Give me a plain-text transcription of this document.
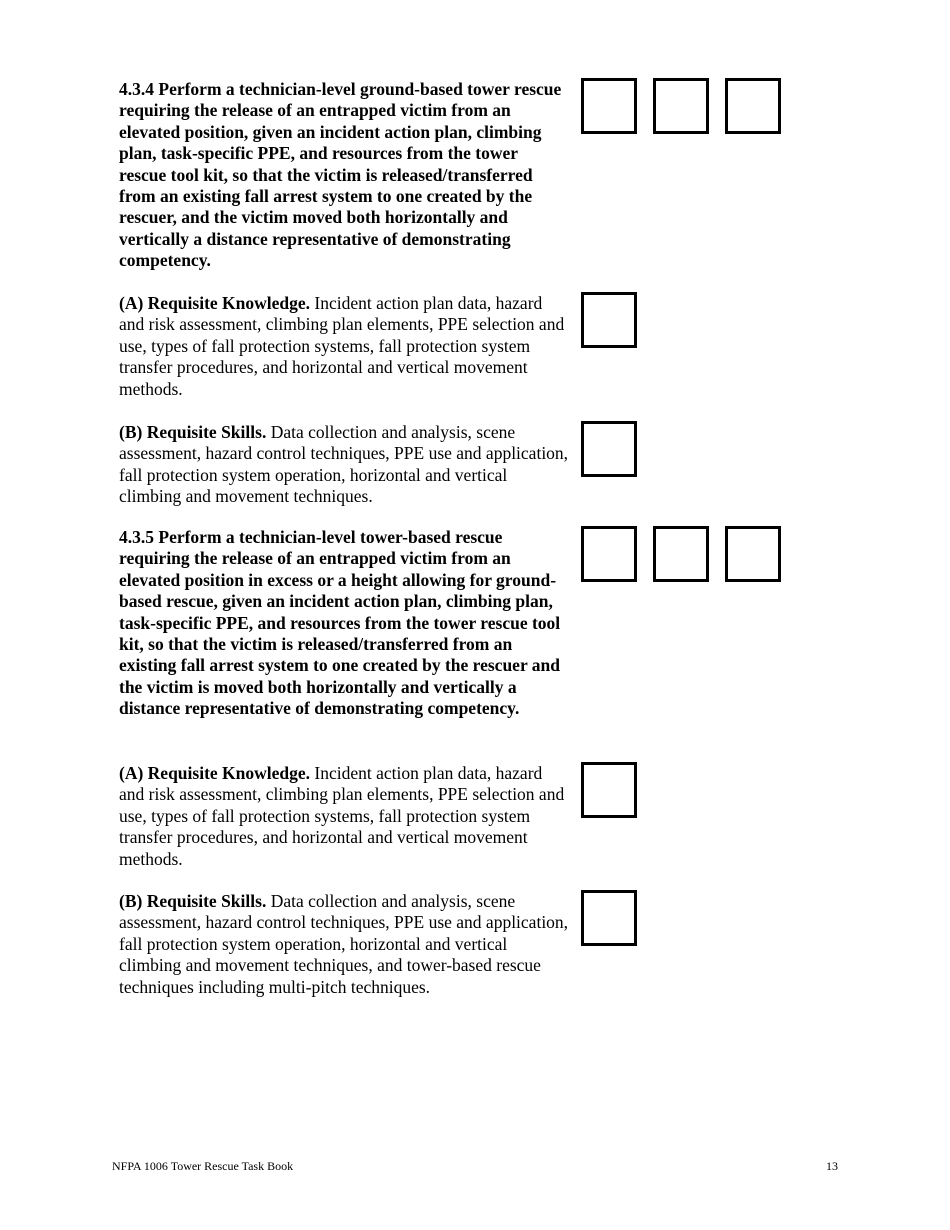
4.3.4 Perform a technician-level ground-based tower rescue requiring the release of an entrapped victim from an elevated position, given an incident action plan, climbing plan, task-specific PPE, and resources from the tower rescue tool kit, so that the victim is released/transferred from an existing fall arrest system to one created by the rescuer, and the victim moved both horizontally and vertically a distance representative of demonstrating competency.

(A) Requisite Knowledge. Incident action plan data, hazard and risk assessment, climbing plan elements, PPE selection and use, types of fall protection systems, fall protection system transfer procedures, and horizontal and vertical movement methods.

(B) Requisite Skills. Data collection and analysis, scene assessment, hazard control techniques, PPE use and application, fall protection system operation, horizontal and vertical climbing and movement techniques.

4.3.5 Perform a technician-level tower-based rescue requiring the release of an entrapped victim from an elevated position in excess or a height allowing for ground-based rescue, given an incident action plan, climbing plan, task-specific PPE, and resources from the tower rescue tool kit, so that the victim is released/transferred from an existing fall arrest system to one created by the rescuer and the victim is moved both horizontally and vertically a distance representative of demonstrating competency.

(A) Requisite Knowledge. Incident action plan data, hazard and risk assessment, climbing plan elements, PPE selection and use, types of fall protection systems, fall protection system transfer procedures, and horizontal and vertical movement methods.

(B) Requisite Skills. Data collection and analysis, scene assessment, hazard control techniques, PPE use and application, fall protection system operation, horizontal and vertical climbing and movement techniques, and tower-based rescue techniques including multi-pitch techniques.

NFPA 1006 Tower Rescue Task Book	13
